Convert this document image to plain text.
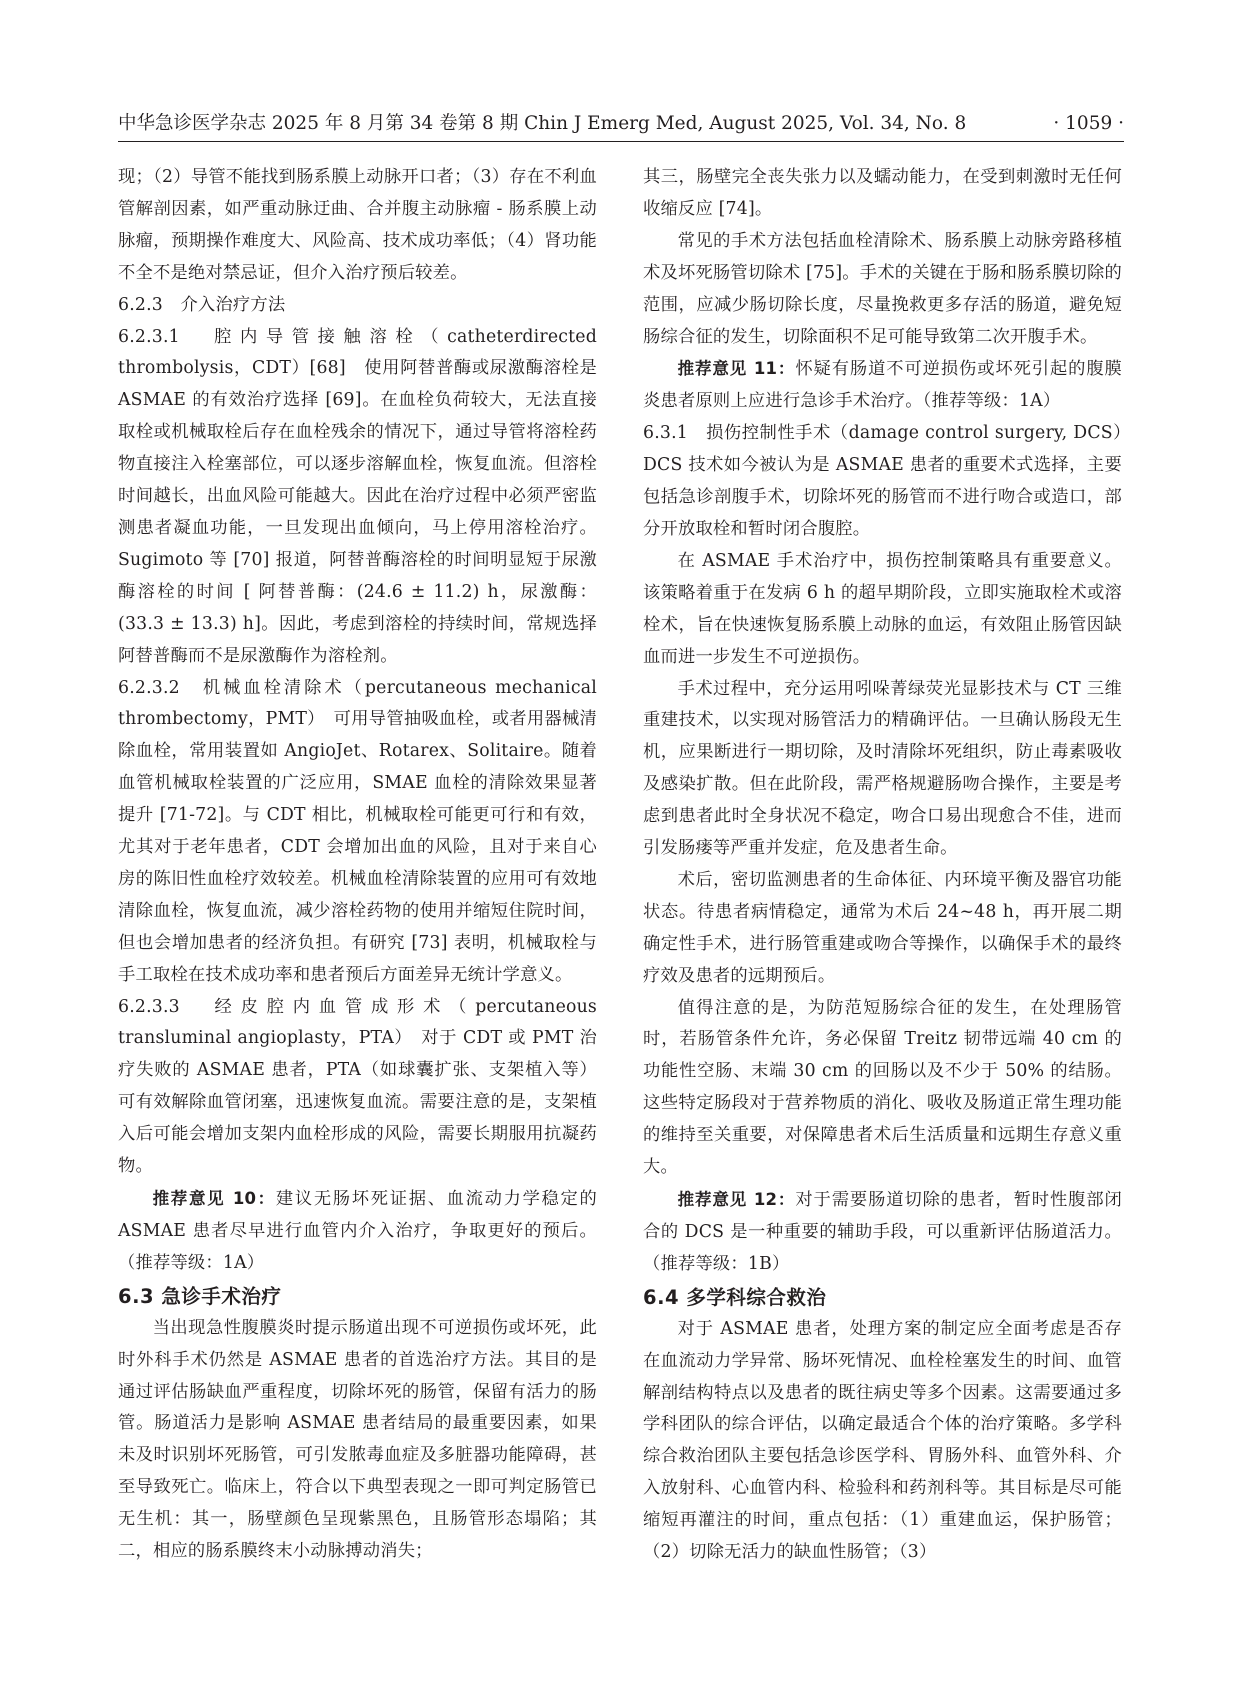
中华急诊医学杂志 2025 年 8 月第 34 卷第 8 期 Chin J Emerg Med, August 2025, Vol. 34, No. 8	· 1059 ·

现；（2）导管不能找到肠系膜上动脉开口者；（3）存在不利血管解剖因素，如严重动脉迂曲、合并腹主动脉瘤 - 肠系膜上动脉瘤，预期操作难度大、风险高、技术成功率低；（4）肾功能不全不是绝对禁忌证，但介入治疗预后较差。

6.2.3　介入治疗方法

6.2.3.1　腔内导管接触溶栓（catheterdirected thrombolysis，CDT）[68]　使用阿替普酶或尿激酶溶栓是 ASMAE 的有效治疗选择 [69]。在血栓负荷较大，无法直接取栓或机械取栓后存在血栓残余的情况下，通过导管将溶栓药物直接注入栓塞部位，可以逐步溶解血栓，恢复血流。但溶栓时间越长，出血风险可能越大。因此在治疗过程中必须严密监测患者凝血功能，一旦发现出血倾向，马上停用溶栓治疗。Sugimoto 等 [70] 报道，阿替普酶溶栓的时间明显短于尿激酶溶栓的时间 [ 阿替普酶：(24.6 ± 11.2) h，尿激酶：(33.3 ± 13.3) h]。因此，考虑到溶栓的持续时间，常规选择阿替普酶而不是尿激酶作为溶栓剂。

6.2.3.2　机械血栓清除术（percutaneous mechanical thrombectomy，PMT）　可用导管抽吸血栓，或者用器械清除血栓，常用装置如 AngioJet、Rotarex、Solitaire。随着血管机械取栓装置的广泛应用，SMAE 血栓的清除效果显著提升 [71-72]。与 CDT 相比，机械取栓可能更可行和有效，尤其对于老年患者，CDT 会增加出血的风险，且对于来自心房的陈旧性血栓疗效较差。机械血栓清除装置的应用可有效地清除血栓，恢复血流，减少溶栓药物的使用并缩短住院时间，但也会增加患者的经济负担。有研究 [73] 表明，机械取栓与手工取栓在技术成功率和患者预后方面差异无统计学意义。

6.2.3.3　经皮腔内血管成形术（percutaneous transluminal angioplasty，PTA）　对于 CDT 或 PMT 治疗失败的 ASMAE 患者，PTA（如球囊扩张、支架植入等）可有效解除血管闭塞，迅速恢复血流。需要注意的是，支架植入后可能会增加支架内血栓形成的风险，需要长期服用抗凝药物。

推荐意见 10：建议无肠坏死证据、血流动力学稳定的 ASMAE 患者尽早进行血管内介入治疗，争取更好的预后。（推荐等级：1A）

6.3 急诊手术治疗

当出现急性腹膜炎时提示肠道出现不可逆损伤或坏死，此时外科手术仍然是 ASMAE 患者的首选治疗方法。其目的是通过评估肠缺血严重程度，切除坏死的肠管，保留有活力的肠管。肠道活力是影响 ASMAE 患者结局的最重要因素，如果未及时识别坏死肠管，可引发脓毒血症及多脏器功能障碍，甚至导致死亡。临床上，符合以下典型表现之一即可判定肠管已无生机：其一，肠壁颜色呈现紫黑色，且肠管形态塌陷；其二，相应的肠系膜终末小动脉搏动消失；

其三，肠壁完全丧失张力以及蠕动能力，在受到刺激时无任何收缩反应 [74]。

常见的手术方法包括血栓清除术、肠系膜上动脉旁路移植术及坏死肠管切除术 [75]。手术的关键在于肠和肠系膜切除的范围，应减少肠切除长度，尽量挽救更多存活的肠道，避免短肠综合征的发生，切除面积不足可能导致第二次开腹手术。

推荐意见 11：怀疑有肠道不可逆损伤或坏死引起的腹膜炎患者原则上应进行急诊手术治疗。（推荐等级：1A）

6.3.1　损伤控制性手术（damage control surgery, DCS）　DCS 技术如今被认为是 ASMAE 患者的重要术式选择，主要包括急诊剖腹手术，切除坏死的肠管而不进行吻合或造口，部分开放取栓和暂时闭合腹腔。

在 ASMAE 手术治疗中，损伤控制策略具有重要意义。该策略着重于在发病 6 h 的超早期阶段，立即实施取栓术或溶栓术，旨在快速恢复肠系膜上动脉的血运，有效阻止肠管因缺血而进一步发生不可逆损伤。

手术过程中，充分运用吲哚菁绿荧光显影技术与 CT 三维重建技术，以实现对肠管活力的精确评估。一旦确认肠段无生机，应果断进行一期切除，及时清除坏死组织，防止毒素吸收及感染扩散。但在此阶段，需严格规避肠吻合操作，主要是考虑到患者此时全身状况不稳定，吻合口易出现愈合不佳，进而引发肠瘘等严重并发症，危及患者生命。

术后，密切监测患者的生命体征、内环境平衡及器官功能状态。待患者病情稳定，通常为术后 24~48 h，再开展二期确定性手术，进行肠管重建或吻合等操作，以确保手术的最终疗效及患者的远期预后。

值得注意的是，为防范短肠综合征的发生，在处理肠管时，若肠管条件允许，务必保留 Treitz 韧带远端 40 cm 的功能性空肠、末端 30 cm 的回肠以及不少于 50% 的结肠。这些特定肠段对于营养物质的消化、吸收及肠道正常生理功能的维持至关重要，对保障患者术后生活质量和远期生存意义重大。

推荐意见 12：对于需要肠道切除的患者，暂时性腹部闭合的 DCS 是一种重要的辅助手段，可以重新评估肠道活力。（推荐等级：1B）

6.4 多学科综合救治

对于 ASMAE 患者，处理方案的制定应全面考虑是否存在血流动力学异常、肠坏死情况、血栓栓塞发生的时间、血管解剖结构特点以及患者的既往病史等多个因素。这需要通过多学科团队的综合评估，以确定最适合个体的治疗策略。多学科综合救治团队主要包括急诊医学科、胃肠外科、血管外科、介入放射科、心血管内科、检验科和药剂科等。其目标是尽可能缩短再灌注的时间，重点包括：（1）重建血运，保护肠管；（2）切除无活力的缺血性肠管；（3）
